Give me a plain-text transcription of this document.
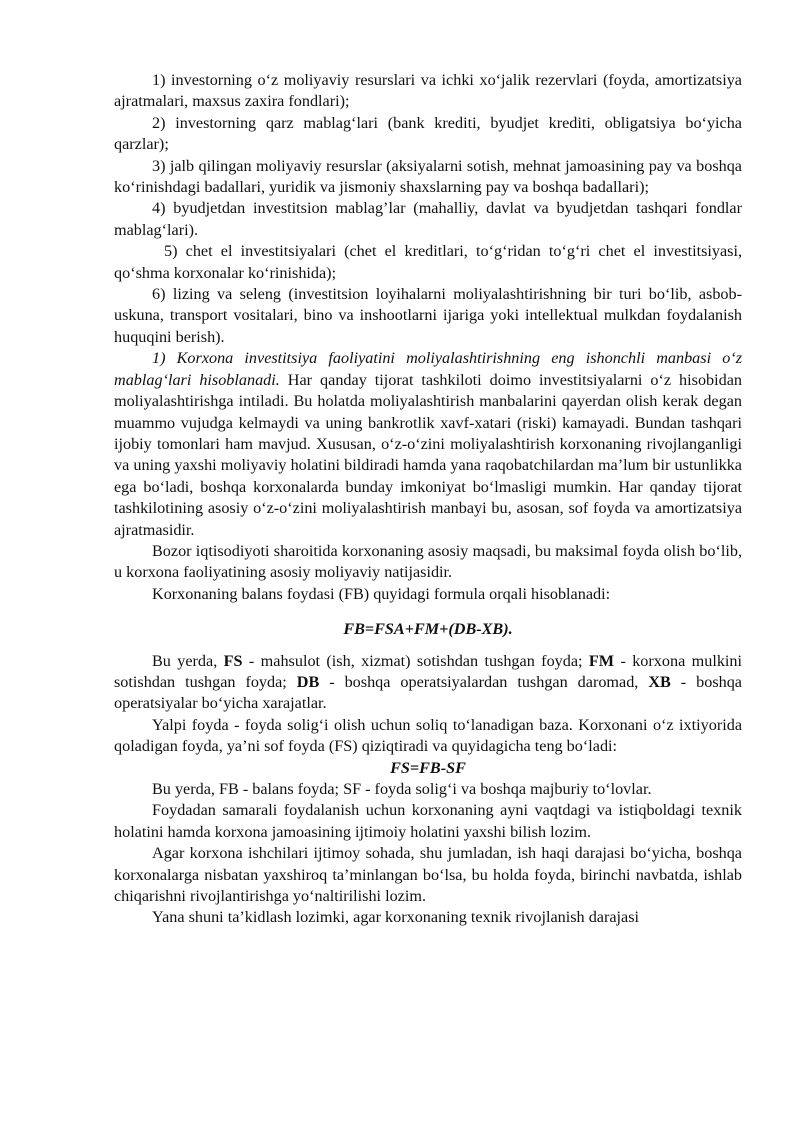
1) investorning o‘z moliyaviy resurslari va ichki xo‘jalik rezervlari (foyda, amortizatsiya ajratmalari, maxsus zaxira fondlari);

2) investorning qarz mablag‘lari (bank krediti, byudjet krediti, obligatsiya bo‘yicha qarzlar);

3) jalb qilingan moliyaviy resurslar (aksiyalarni sotish, mehnat jamoasining pay va boshqa ko‘rinishdagi badallari, yuridik va jismoniy shaxslarning pay va boshqa badallari);

4) byudjetdan investitsion mablag’lar (mahalliy, davlat va byudjetdan tashqari fondlar mablag‘lari).

5) chet el investitsiyalari (chet el kreditlari, to‘g‘ridan to‘g‘ri chet el investitsiyasi, qo‘shma korxonalar ko‘rinishida);

6) lizing va seleng (investitsion loyihalarni moliyalashtirishning bir turi bo‘lib, asbob-uskuna, transport vositalari, bino va inshootlarni ijariga yoki intellektual mulkdan foydalanish huquqini berish).

1) Korxona investitsiya faoliyatini moliyalashtirishning eng ishonchli manbasi o‘z mablag‘lari hisoblanadi. Har qanday tijorat tashkiloti doimo investitsiyalarni o‘z hisobidan moliyalashtirishga intiladi. Bu holatda moliyalashtirish manbalarini qayerdan olish kerak degan muammo vujudga kelmaydi va uning bankrotlik xavf-xatari (riski) kamayadi. Bundan tashqari ijobiy tomonlari ham mavjud. Xususan, o‘z-o‘zini moliyalashtirish korxonaning rivojlanganligi va uning yaxshi moliyaviy holatini bildiradi hamda yana raqobatchilardan ma’lum bir ustunlikka ega bo‘ladi, boshqa korxonalarda bunday imkoniyat bo‘lmasligi mumkin. Har qanday tijorat tashkilotining asosiy o‘z-o‘zini moliyalashtirish manbayi bu, asosan, sof foyda va amortizatsiya ajratmasidir.

Bozor iqtisodiyoti sharoitida korxonaning asosiy maqsadi, bu maksimal foyda olish bo‘lib, u korxona faoliyatining asosiy moliyaviy natijasidir.

Korxonaning balans foydasi (FB) quyidagi formula orqali hisoblanadi:

FB=FSA+FM+(DB-XB).

Bu yerda, FS - mahsulot (ish, xizmat) sotishdan tushgan foyda; FM - korxona mulkini sotishdan tushgan foyda; DB - boshqa operatsiyalardan tushgan daromad, XB - boshqa operatsiyalar bo‘yicha xarajatlar.

Yalpi foyda - foyda solig‘i olish uchun soliq to‘lanadigan baza. Korxonani o‘z ixtiyorida qoladigan foyda, ya’ni sof foyda (FS) qiziqtiradi va quyidagicha teng bo‘ladi:

FS=FB-SF

Bu yerda, FB - balans foyda; SF - foyda solig‘i va boshqa majburiy to‘lovlar.

Foydadan samarali foydalanish uchun korxonaning ayni vaqtdagi va istiqboldagi texnik holatini hamda korxona jamoasining ijtimoiy holatini yaxshi bilish lozim.

Agar korxona ishchilari ijtimoy sohada, shu jumladan, ish haqi darajasi bo‘yicha, boshqa korxonalarga nisbatan yaxshiroq ta’minlangan bo‘lsa, bu holda foyda, birinchi navbatda, ishlab chiqarishni rivojlantirishga yo‘naltirilishi lozim.

Yana shuni ta’kidlash lozimki, agar korxonaning texnik rivojlanish darajasi
